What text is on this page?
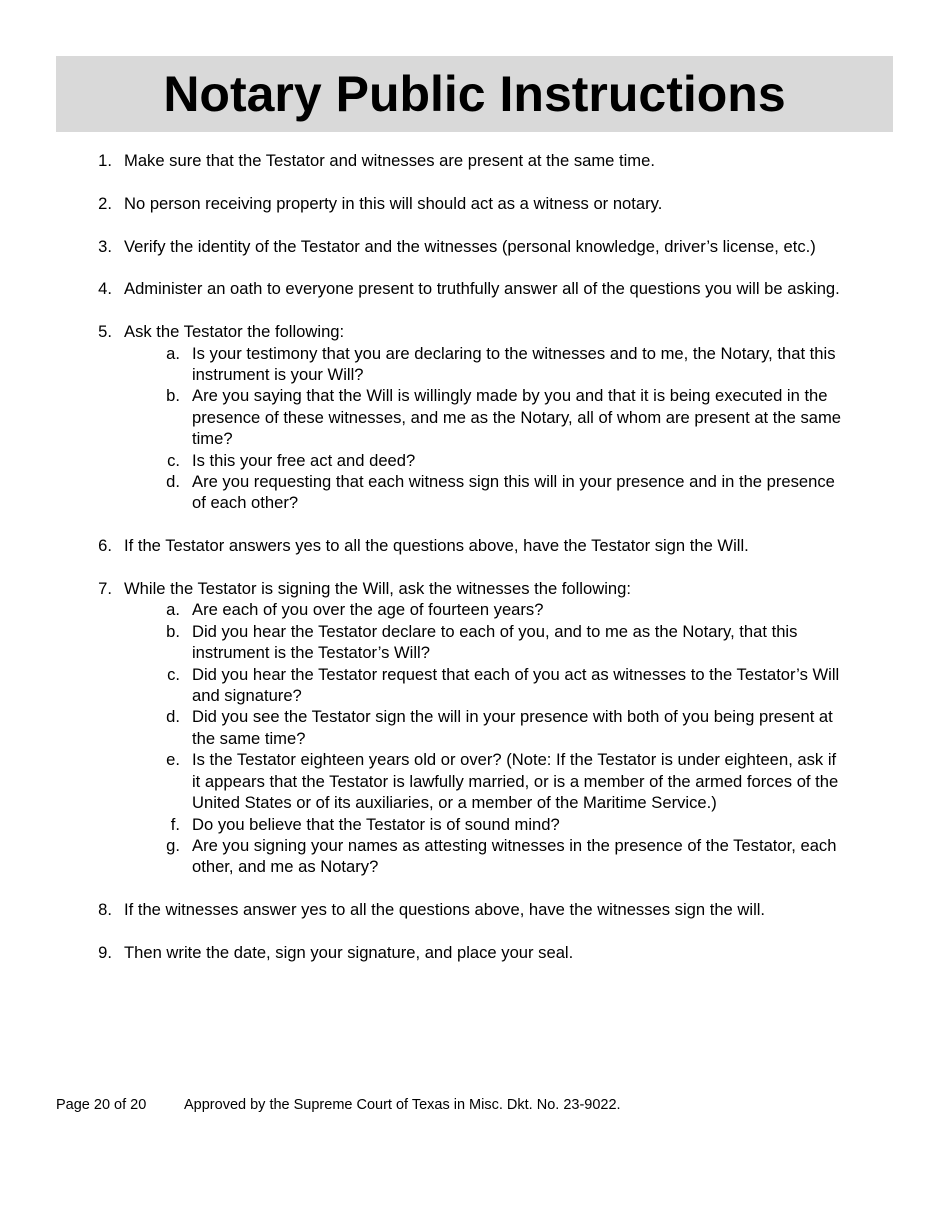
Notary Public Instructions
1. Make sure that the Testator and witnesses are present at the same time.
2. No person receiving property in this will should act as a witness or notary.
3. Verify the identity of the Testator and the witnesses (personal knowledge, driver’s license, etc.)
4. Administer an oath to everyone present to truthfully answer all of the questions you will be asking.
5. Ask the Testator the following:
a. Is your testimony that you are declaring to the witnesses and to me, the Notary, that this instrument is your Will?
b. Are you saying that the Will is willingly made by you and that it is being executed in the presence of these witnesses, and me as the Notary, all of whom are present at the same time?
c. Is this your free act and deed?
d. Are you requesting that each witness sign this will in your presence and in the presence of each other?
6. If the Testator answers yes to all the questions above, have the Testator sign the Will.
7. While the Testator is signing the Will, ask the witnesses the following:
a. Are each of you over the age of fourteen years?
b. Did you hear the Testator declare to each of you, and to me as the Notary, that this instrument is the Testator’s Will?
c. Did you hear the Testator request that each of you act as witnesses to the Testator’s Will and signature?
d. Did you see the Testator sign the will in your presence with both of you being present at the same time?
e. Is the Testator eighteen years old or over? (Note: If the Testator is under eighteen, ask if it appears that the Testator is lawfully married, or is a member of the armed forces of the United States or of its auxiliaries, or a member of the Maritime Service.)
f. Do you believe that the Testator is of sound mind?
g. Are you signing your names as attesting witnesses in the presence of the Testator, each other, and me as Notary?
8. If the witnesses answer yes to all the questions above, have the witnesses sign the will.
9. Then write the date, sign your signature, and place your seal.
Page 20 of 20	Approved by the Supreme Court of Texas in Misc. Dkt. No. 23-9022.
